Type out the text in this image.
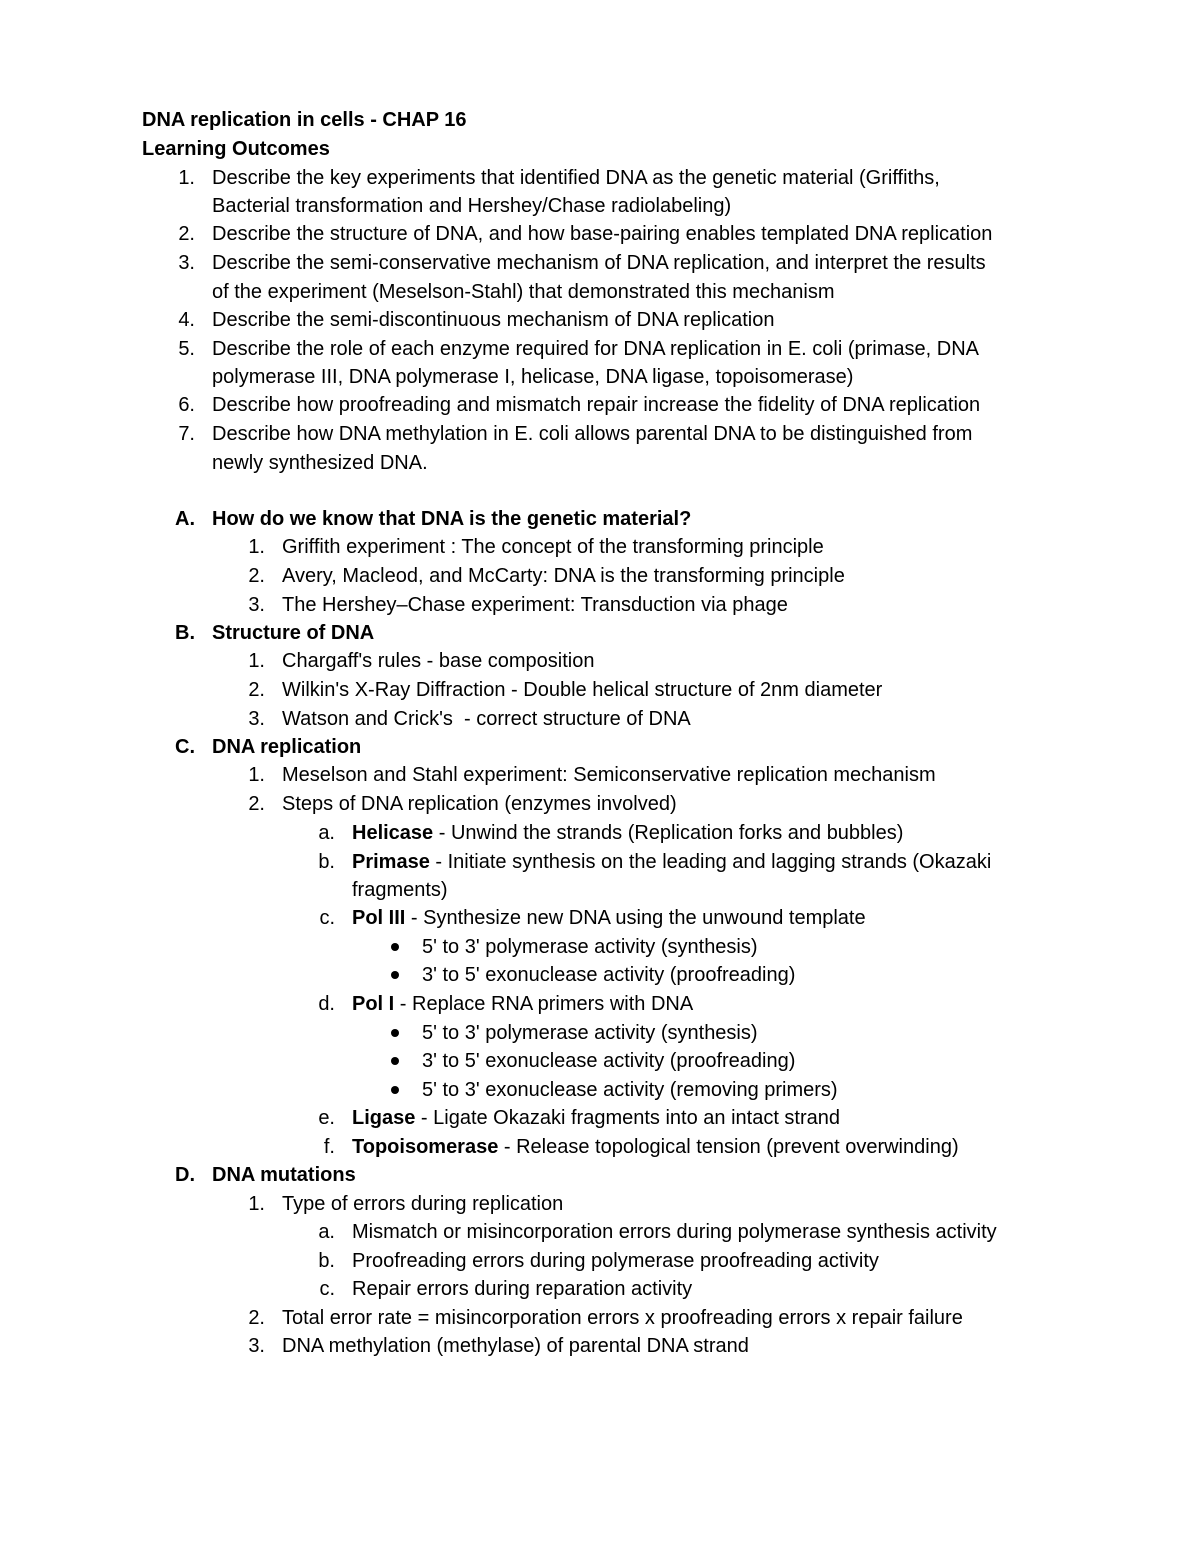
DNA replication in cells - CHAP 16
Learning Outcomes
1. Describe the key experiments that identified DNA as the genetic material (Griffiths,
Bacterial transformation and Hershey/Chase radiolabeling)
2. Describe the structure of DNA, and how base-pairing enables templated DNA replication
3. Describe the semi-conservative mechanism of DNA replication, and interpret the results
of the experiment (Meselson-Stahl) that demonstrated this mechanism
4. Describe the semi-discontinuous mechanism of DNA replication
5. Describe the role of each enzyme required for DNA replication in E. coli (primase, DNA
polymerase III, DNA polymerase I, helicase, DNA ligase, topoisomerase)
6. Describe how proofreading and mismatch repair increase the fidelity of DNA replication
7. Describe how DNA methylation in E. coli allows parental DNA to be distinguished from
newly synthesized DNA.
A. How do we know that DNA is the genetic material?
1. Griffith experiment : The concept of the transforming principle
2. Avery, Macleod, and McCarty: DNA is the transforming principle
3. The Hershey–Chase experiment: Transduction via phage
B. Structure of DNA
1. Chargaff's rules - base composition
2. Wilkin's X-Ray Diffraction - Double helical structure of 2nm diameter
3. Watson and Crick's  - correct structure of DNA
C. DNA replication
1. Meselson and Stahl experiment: Semiconservative replication mechanism
2. Steps of DNA replication (enzymes involved)
a. Helicase - Unwind the strands (Replication forks and bubbles)
b. Primase - Initiate synthesis on the leading and lagging strands (Okazaki
fragments)
c. Pol III - Synthesize new DNA using the unwound template
5' to 3' polymerase activity (synthesis)
3' to 5' exonuclease activity (proofreading)
d. Pol I - Replace RNA primers with DNA
5' to 3' polymerase activity (synthesis)
3' to 5' exonuclease activity (proofreading)
5' to 3' exonuclease activity (removing primers)
e. Ligase - Ligate Okazaki fragments into an intact strand
f. Topoisomerase - Release topological tension (prevent overwinding)
D. DNA mutations
1. Type of errors during replication
a. Mismatch or misincorporation errors during polymerase synthesis activity
b. Proofreading errors during polymerase proofreading activity
c. Repair errors during reparation activity
2. Total error rate = misincorporation errors x proofreading errors x repair failure
3. DNA methylation (methylase) of parental DNA strand
